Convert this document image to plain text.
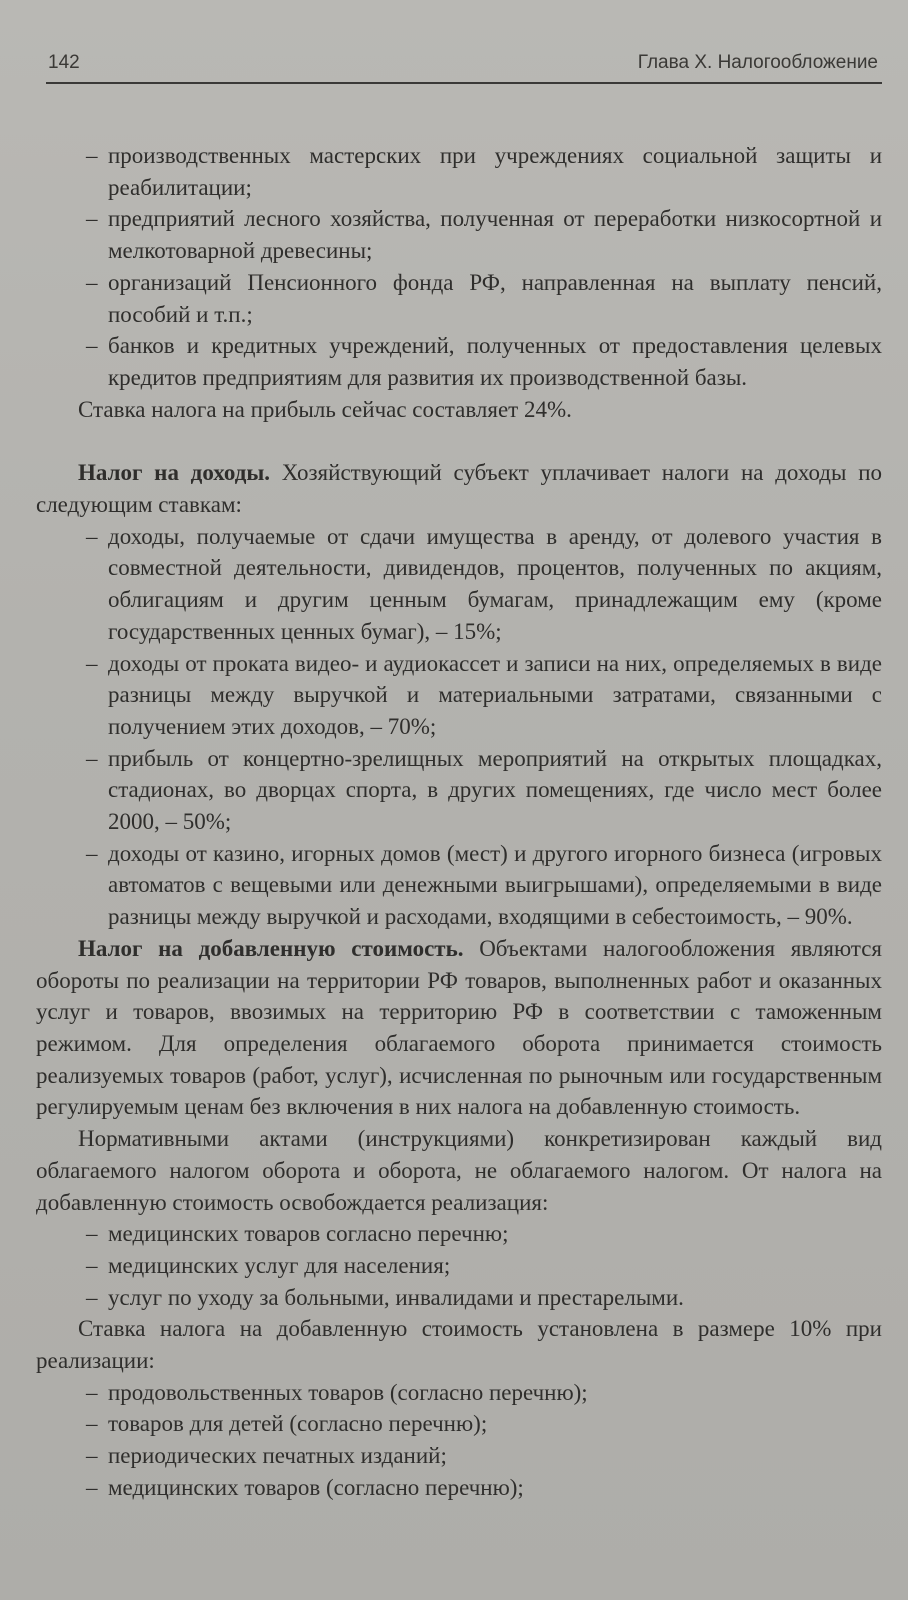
142	Глава X. Налогообложение
– производственных мастерских при учреждениях социальной защиты и реабилитации;
– предприятий лесного хозяйства, полученная от переработки низкосортной и мелкотоварной древесины;
– организаций Пенсионного фонда РФ, направленная на выплату пенсий, пособий и т.п.;
– банков и кредитных учреждений, полученных от предоставления целевых кредитов предприятиям для развития их производственной базы.

Ставка налога на прибыль сейчас составляет 24%.

Налог на доходы. Хозяйствующий субъект уплачивает налоги на доходы по следующим ставкам:

– доходы, получаемые от сдачи имущества в аренду, от долевого участия в совместной деятельности, дивидендов, процентов, полученных по акциям, облигациям и другим ценным бумагам, принадлежащим ему (кроме государственных ценных бумаг), – 15%;
– доходы от проката видео- и аудиокассет и записи на них, определяемых в виде разницы между выручкой и материальными затратами, связанными с получением этих доходов, – 70%;
– прибыль от концертно-зрелищных мероприятий на открытых площадках, стадионах, во дворцах спорта, в других помещениях, где число мест более 2000, – 50%;
– доходы от казино, игорных домов (мест) и другого игорного бизнеса (игровых автоматов с вещевыми или денежными выигрышами), определяемыми в виде разницы между выручкой и расходами, входящими в себестоимость, – 90%.

Налог на добавленную стоимость. Объектами налогообложения являются обороты по реализации на территории РФ товаров, выполненных работ и оказанных услуг и товаров, ввозимых на территорию РФ в соответствии с таможенным режимом. Для определения облагаемого оборота принимается стоимость реализуемых товаров (работ, услуг), исчисленная по рыночным или государственным регулируемым ценам без включения в них налога на добавленную стоимость.

Нормативными актами (инструкциями) конкретизирован каждый вид облагаемого налогом оборота и оборота, не облагаемого налогом. От налога на добавленную стоимость освобождается реализация:

– медицинских товаров согласно перечню;
– медицинских услуг для населения;
– услуг по уходу за больными, инвалидами и престарелыми.

Ставка налога на добавленную стоимость установлена в размере 10% при реализации:

– продовольственных товаров (согласно перечню);
– товаров для детей (согласно перечню);
– периодических печатных изданий;
– медицинских товаров (согласно перечню);
